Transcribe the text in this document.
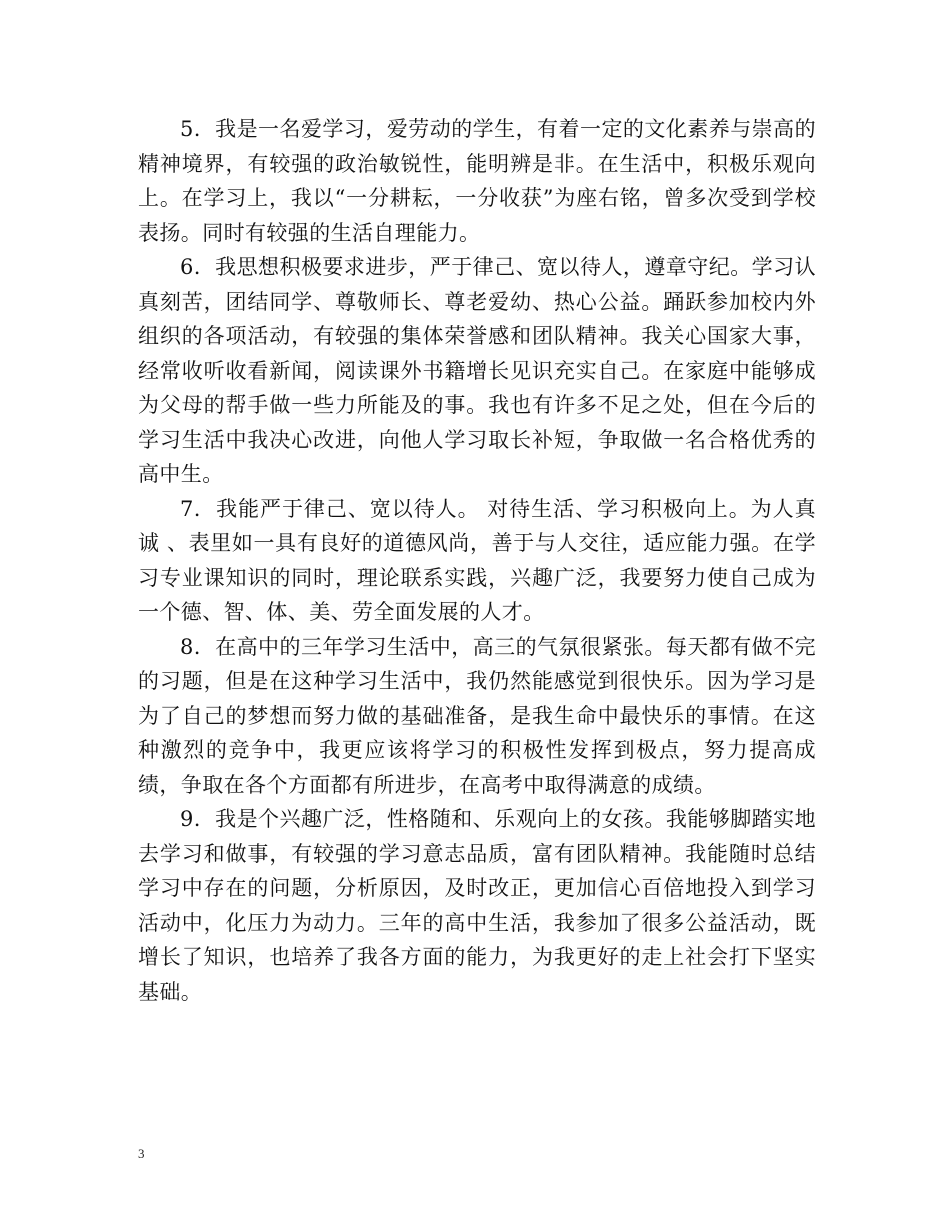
5. 我是一名爱学习，爱劳动的学生，有着一定的文化素养与崇高的精神境界，有较强的政治敏锐性，能明辨是非。在生活中，积极乐观向上。在学习上，我以“一分耕耘，一分收获”为座右铭，曾多次受到学校表扬。同时有较强的生活自理能力。

6. 我思想积极要求进步，严于律己、宽以待人，遵章守纪。学习认真刻苦，团结同学、尊敬师长、尊老爱幼、热心公益。踊跃参加校内外组织的各项活动，有较强的集体荣誉感和团队精神。我关心国家大事，经常收听收看新闻，阅读课外书籍增长见识充实自己。在家庭中能够成为父母的帮手做一些力所能及的事。我也有许多不足之处，但在今后的学习生活中我决心改进，向他人学习取长补短，争取做一名合格优秀的高中生。

7. 我能严于律己、宽以待人。 对待生活、学习积极向上。为人真诚 、表里如一具有良好的道德风尚，善于与人交往，适应能力强。在学习专业课知识的同时，理论联系实践，兴趣广泛，我要努力使自己成为一个德、智、体、美、劳全面发展的人才。

8. 在高中的三年学习生活中，高三的气氛很紧张。每天都有做不完的习题，但是在这种学习生活中，我仍然能感觉到很快乐。因为学习是为了自己的梦想而努力做的基础准备，是我生命中最快乐的事情。在这种激烈的竞争中，我更应该将学习的积极性发挥到极点，努力提高成绩，争取在各个方面都有所进步，在高考中取得满意的成绩。

9. 我是个兴趣广泛，性格随和、乐观向上的女孩。我能够脚踏实地去学习和做事，有较强的学习意志品质，富有团队精神。我能随时总结学习中存在的问题，分析原因，及时改正，更加信心百倍地投入到学习活动中，化压力为动力。三年的高中生活，我参加了很多公益活动，既增长了知识，也培养了我各方面的能力，为我更好的走上社会打下坚实基础。

3
